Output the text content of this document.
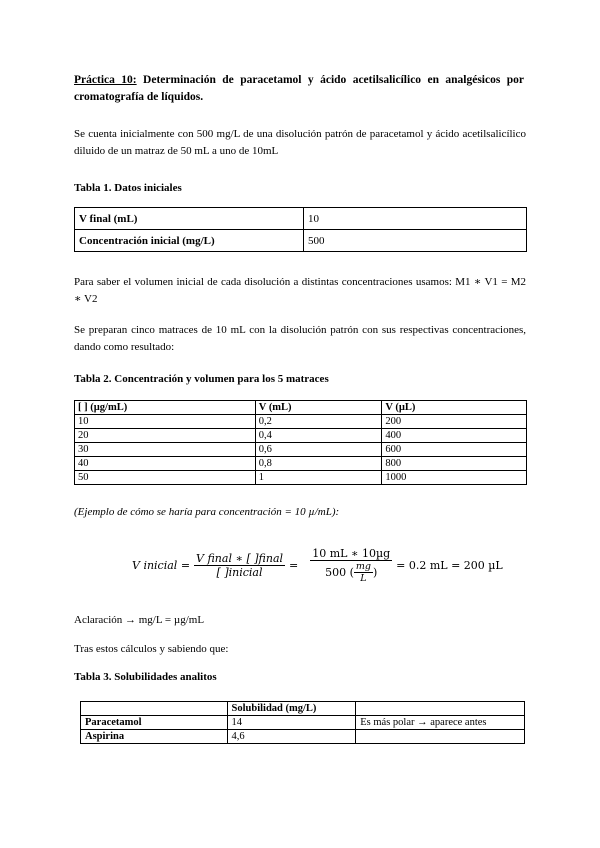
Práctica 10: Determinación de paracetamol y ácido acetilsalicílico en analgésicos por cromatografía de líquidos.
Se cuenta inicialmente con 500 mg/L de una disolución patrón de paracetamol y ácido acetilsalicílico diluido de un matraz de 50 mL a uno de 10mL
Tabla 1. Datos iniciales
V final (mL)	10
Concentración inicial (mg/L)	500
Para saber el volumen inicial de cada disolución a distintas concentraciones usamos: M1 ∗ V1 = M2 ∗ V2
Se preparan cinco matraces de 10 mL con la disolución patrón con sus respectivas concentraciones, dando como resultado:
Tabla 2. Concentración y volumen para los 5 matraces
[ ] (µg/mL)	V (mL)	V (µL)
10	0,2	200
20	0,4	400
30	0,6	600
40	0,8	800
50	1	1000
(Ejemplo de cómo se haría para concentración = 10 µ/mL):
V inicial = $\frac{\text{V final ∗ [ ]final}}{\text{[ ]inicial}}$ =
10 mL ∗ 10µg
500 ( $\frac{mg}{L}$ )
= 0.2 mL = 200 µL
Aclaración → mg/L = µg/mL
Tras estos cálculos y sabiendo que:
Tabla 3. Solubilidades analitos
	Solubilidad (mg/L)	
Paracetamol	14	Es más polar → aparece antes
Aspirina	4,6	
